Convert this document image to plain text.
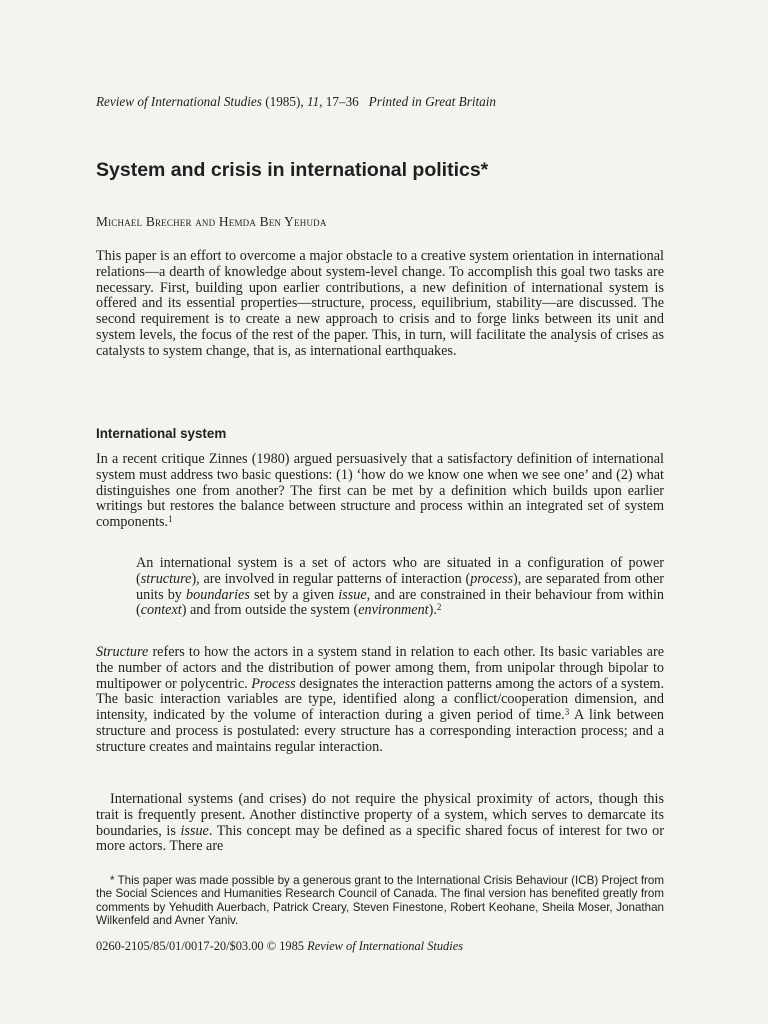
Review of International Studies (1985), 11, 17–36 Printed in Great Britain
System and crisis in international politics*
Michael Brecher and Hemda Ben Yehuda

This paper is an effort to overcome a major obstacle to a creative system orientation in international relations—a dearth of knowledge about system-level change. To accomplish this goal two tasks are necessary. First, building upon earlier contributions, a new definition of international system is offered and its essential properties—structure, process, equilibrium, stability—are discussed. The second requirement is to create a new approach to crisis and to forge links between its unit and system levels, the focus of the rest of the paper. This, in turn, will facilitate the analysis of crises as catalysts to system change, that is, as international earthquakes.

International system

In a recent critique Zinnes (1980) argued persuasively that a satisfactory definition of international system must address two basic questions: (1) ‘how do we know one when we see one’ and (2) what distinguishes one from another? The first can be met by a definition which builds upon earlier writings but restores the balance between structure and process within an integrated set of system components.$^1$

An international system is a set of actors who are situated in a configuration of power (structure), are involved in regular patterns of interaction (process), are separated from other units by boundaries set by a given issue, and are constrained in their behaviour from within (context) and from outside the system (environment).$^2$

Structure refers to how the actors in a system stand in relation to each other. Its basic variables are the number of actors and the distribution of power among them, from unipolar through bipolar to multipower or polycentric. Process designates the interaction patterns among the actors of a system. The basic interaction variables are type, identified along a conflict/cooperation dimension, and intensity, indicated by the volume of interaction during a given period of time.$^3$ A link between structure and process is postulated: every structure has a corresponding interaction process; and a structure creates and maintains regular interaction.

International systems (and crises) do not require the physical proximity of actors, though this trait is frequently present. Another distinctive property of a system, which serves to demarcate its boundaries, is issue. This concept may be defined as a specific shared focus of interest for two or more actors. There are

* This paper was made possible by a generous grant to the International Crisis Behaviour (ICB) Project from the Social Sciences and Humanities Research Council of Canada. The final version has benefited greatly from comments by Yehudith Auerbach, Patrick Creary, Steven Finestone, Robert Keohane, Sheila Moser, Jonathan Wilkenfeld and Avner Yaniv.

0260-2105/85/01/0017-20/$03.00 © 1985 Review of International Studies
